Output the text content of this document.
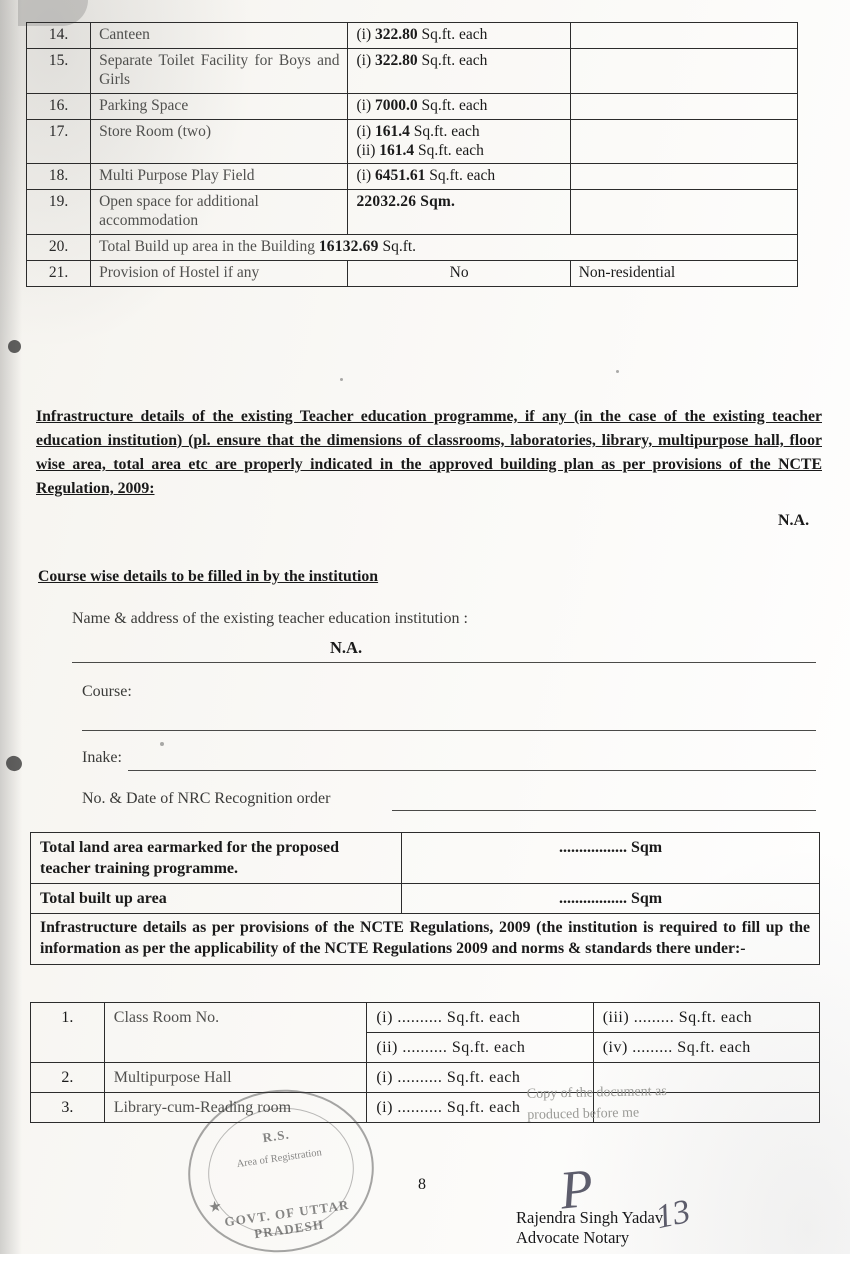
14.	Canteen	(i) 322.80 Sq.ft. each	

15.	Separate Toilet Facility for Boys and Girls	(i) 322.80 Sq.ft. each	
16.	Parking Space	(i) 7000.0 Sq.ft. each	
17.	Store Room (two)	(i) 161.4 Sq.ft. each
(ii) 161.4 Sq.ft. each	

18.	Multi Purpose Play Field	(i) 6451.61 Sq.ft. each	
19.	Open space for additional accommodation	22032.26 Sqm.	
20.	Total Build up area in the Building 16132.69 Sq.ft.		
21.	Provision of Hostel if any	No	Non-residential
Infrastructure details of the existing Teacher education programme, if any (in the case of the existing teacher education institution) (pl. ensure that the dimensions of classrooms, laboratories, library, multipurpose hall, floor wise area, total area etc are properly indicated in the approved building plan as per provisions of the NCTE Regulation, 2009:
N.A.
Course wise details to be filled in by the institution
Name & address of the existing teacher education institution :
N.A.
Course:
Inake:
No. & Date of NRC Recognition order
Total land area earmarked for the proposed teacher training programme.	................. Sqm
Total built up area	................. Sqm
Infrastructure details as per provisions of the NCTE Regulations, 2009 (the institution is required to fill up the information as per the applicability of the NCTE Regulations 2009 and norms & standards there under:-	
1.	Class Room No.	(i) .......... Sq.ft. each	(iii) ......... Sq.ft. each
		(ii) .......... Sq.ft. each	(iv) ......... Sq.ft. each
2.	Multipurpose Hall	(i) .......... Sq.ft. each	
3.	Library-cum-Reading room	(i) .......... Sq.ft. each	
Copy of the document as produced before me
8
R.S.
Area of Registration
★ GOVT. OF UTTAR PRADESH
P 13
Rajendra Singh Yadav
Advocate Notary
